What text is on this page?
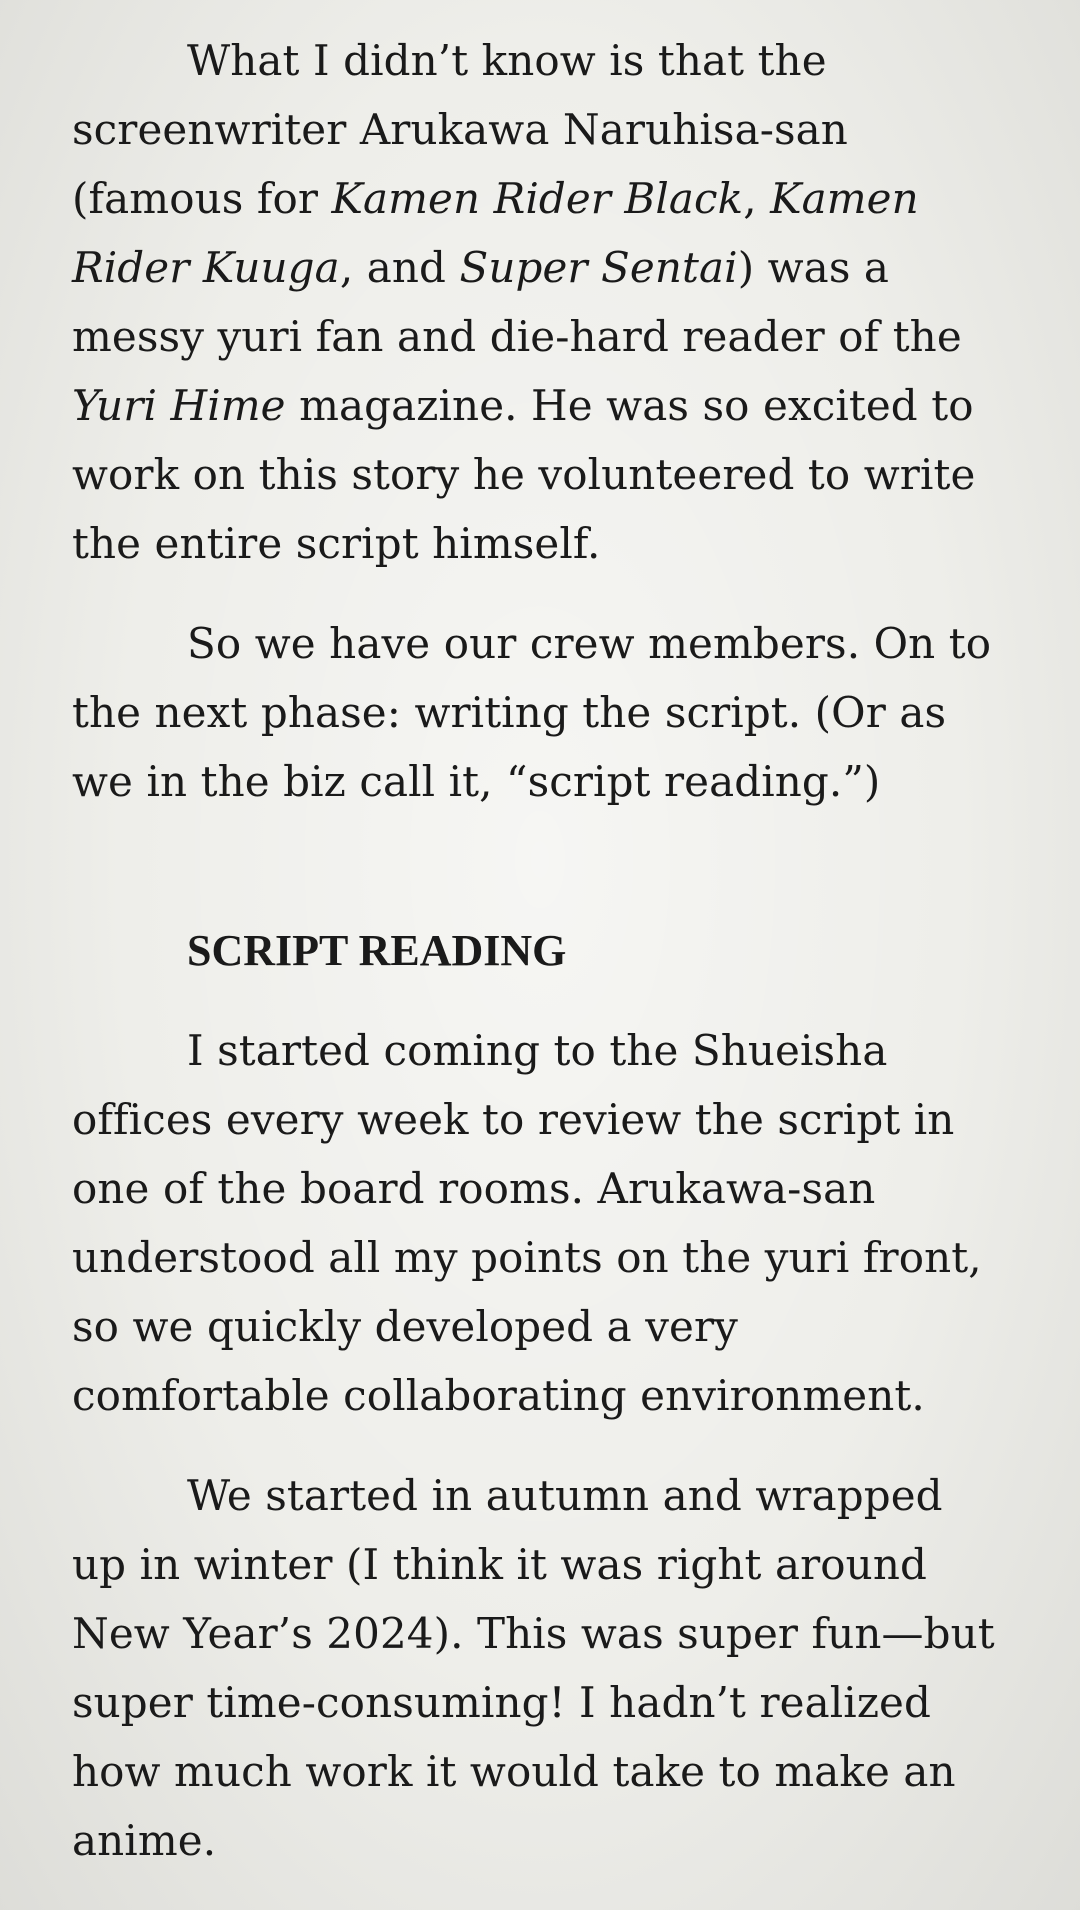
What I didn’t know is that the screenwriter Arukawa Naruhisa-san (famous for Kamen Rider Black, Kamen Rider Kuuga, and Super Sentai) was a messy yuri fan and die-hard reader of the Yuri Hime magazine. He was so excited to work on this story he volunteered to write the entire script himself.

So we have our crew members. On to the next phase: writing the script. (Or as we in the biz call it, “script reading.”)

SCRIPT READING

I started coming to the Shueisha offices every week to review the script in one of the board rooms. Arukawa-san understood all my points on the yuri front, so we quickly developed a very comfortable collaborating environment.

We started in autumn and wrapped up in winter (I think it was right around New Year’s 2024). This was super fun—but super time-consuming! I hadn’t realized how much work it would take to make an anime.
